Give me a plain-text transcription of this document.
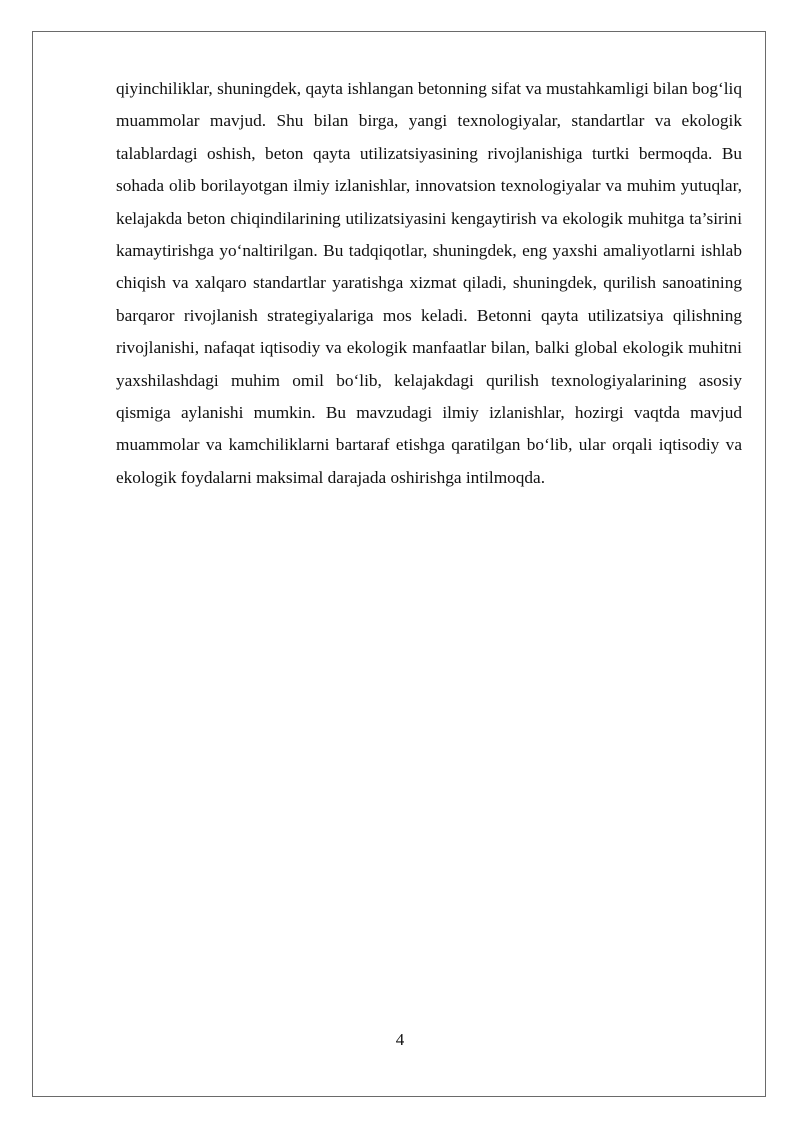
qiyinchiliklar, shuningdek, qayta ishlangan betonning sifat va mustahkamligi bilan bog‘liq muammolar mavjud. Shu bilan birga, yangi texnologiyalar, standartlar va ekologik talablardagi oshish, beton qayta utilizatsiyasining rivojlanishiga turtki bermoqda. Bu sohada olib borilayotgan ilmiy izlanishlar, innovatsion texnologiyalar va muhim yutuqlar, kelajakda beton chiqindilarining utilizatsiyasini kengaytirish va ekologik muhitga ta’sirini kamaytirishga yo‘naltirilgan. Bu tadqiqotlar, shuningdek, eng yaxshi amaliyotlarni ishlab chiqish va xalqaro standartlar yaratishga xizmat qiladi, shuningdek, qurilish sanoatining barqaror rivojlanish strategiyalariga mos keladi. Betonni qayta utilizatsiya qilishning rivojlanishi, nafaqat iqtisodiy va ekologik manfaatlar bilan, balki global ekologik muhitni yaxshilashdagi muhim omil bo‘lib, kelajakdagi qurilish texnologiyalarining asosiy qismiga aylanishi mumkin. Bu mavzudagi ilmiy izlanishlar, hozirgi vaqtda mavjud muammolar va kamchiliklarni bartaraf etishga qaratilgan bo‘lib, ular orqali iqtisodiy va ekologik foydalarni maksimal darajada oshirishga intilmoqda.

4
